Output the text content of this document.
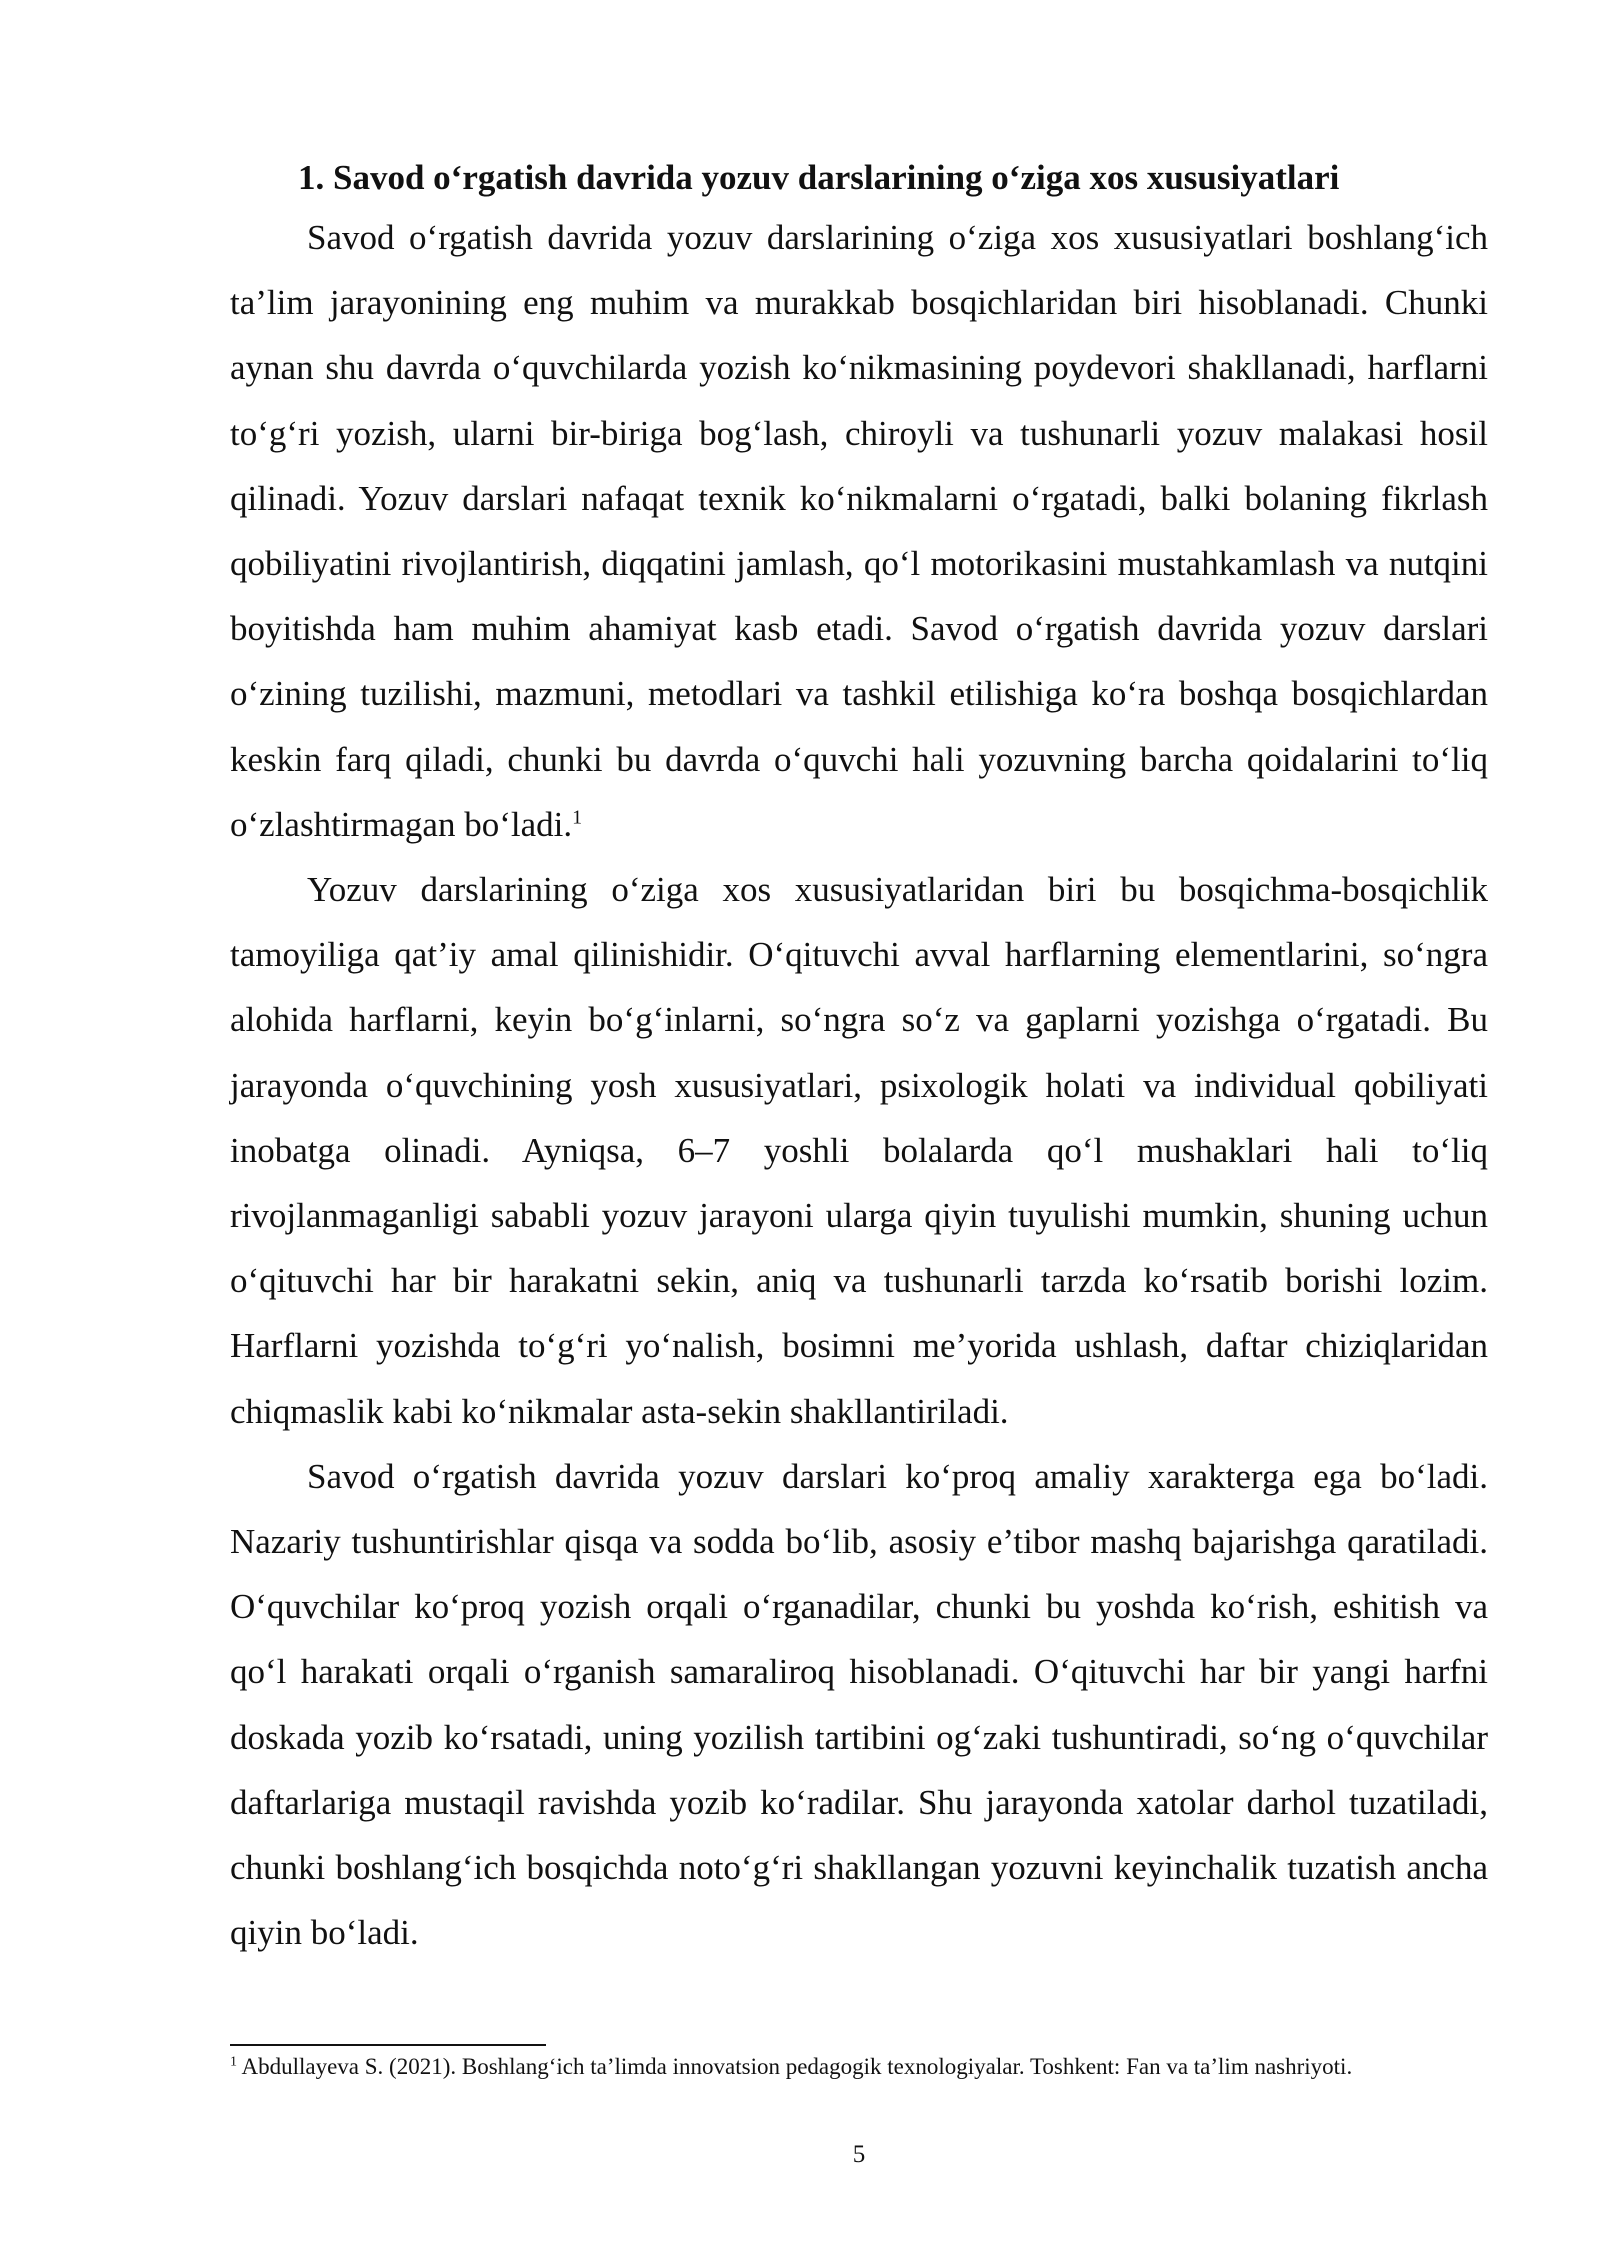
1. Savod o‘rgatish davrida yozuv darslarining o‘ziga xos xususiyatlari

Savod o‘rgatish davrida yozuv darslarining o‘ziga xos xususiyatlari boshlang‘ich ta’lim jarayonining eng muhim va murakkab bosqichlaridan biri hisoblanadi. Chunki aynan shu davrda o‘quvchilarda yozish ko‘nikmasining poydevori shakllanadi, harflarni to‘g‘ri yozish, ularni bir-biriga bog‘lash, chiroyli va tushunarli yozuv malakasi hosil qilinadi. Yozuv darslari nafaqat texnik ko‘nikmalarni o‘rgatadi, balki bolaning fikrlash qobiliyatini rivojlantirish, diqqatini jamlash, qo‘l motorikasini mustahkamlash va nutqini boyitishda ham muhim ahamiyat kasb etadi. Savod o‘rgatish davrida yozuv darslari o‘zining tuzilishi, mazmuni, metodlari va tashkil etilishiga ko‘ra boshqa bosqichlardan keskin farq qiladi, chunki bu davrda o‘quvchi hali yozuvning barcha qoidalarini to‘liq o‘zlashtirmagan bo‘ladi.$^1$

Yozuv darslarining o‘ziga xos xususiyatlaridan biri bu bosqichma-bosqichlik tamoyiliga qat’iy amal qilinishidir. O‘qituvchi avval harflarning elementlarini, so‘ngra alohida harflarni, keyin bo‘g‘inlarni, so‘ngra so‘z va gaplarni yozishga o‘rgatadi. Bu jarayonda o‘quvchining yosh xususiyatlari, psixologik holati va individual qobiliyati inobatga olinadi. Ayniqsa, 6–7 yoshli bolalarda qo‘l mushaklari hali to‘liq rivojlanmaganligi sababli yozuv jarayoni ularga qiyin tuyulishi mumkin, shuning uchun o‘qituvchi har bir harakatni sekin, aniq va tushunarli tarzda ko‘rsatib borishi lozim. Harflarni yozishda to‘g‘ri yo‘nalish, bosimni me’yorida ushlash, daftar chiziqlaridan chiqmaslik kabi ko‘nikmalar asta-sekin shakllantiriladi.

Savod o‘rgatish davrida yozuv darslari ko‘proq amaliy xarakterga ega bo‘ladi. Nazariy tushuntirishlar qisqa va sodda bo‘lib, asosiy e’tibor mashq bajarishga qaratiladi. O‘quvchilar ko‘proq yozish orqali o‘rganadilar, chunki bu yoshda ko‘rish, eshitish va qo‘l harakati orqali o‘rganish samaraliroq hisoblanadi. O‘qituvchi har bir yangi harfni doskada yozib ko‘rsatadi, uning yozilish tartibini og‘zaki tushuntiradi, so‘ng o‘quvchilar daftarlariga mustaqil ravishda yozib ko‘radilar. Shu jarayonda xatolar darhol tuzatiladi, chunki boshlang‘ich bosqichda noto‘g‘ri shakllangan yozuvni keyinchalik tuzatish ancha qiyin bo‘ladi.

$^1$ Abdullayeva S. (2021). Boshlang‘ich ta’limda innovatsion pedagogik texnologiyalar. Toshkent: Fan va ta’lim nashriyoti.

5
